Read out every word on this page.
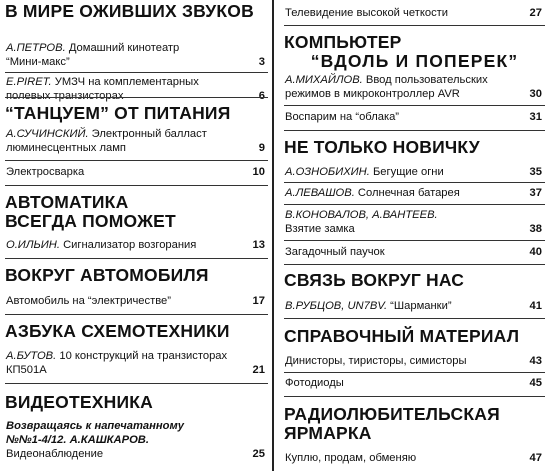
В МИРЕ ОЖИВШИХ ЗВУКОВ
А.ПЕТРОВ. Домашний кинотеатр
“Мини-макс”	3
E.PIRET. УМЗЧ на комплементарных
полевых транзисторах	6
“ТАНЦУЕМ” ОТ ПИТАНИЯ
А.СУЧИНСКИЙ. Электронный балласт
люминесцентных ламп	9
Электросварка	10
АВТОМАТИКА
ВСЕГДА ПОМОЖЕТ
О.ИЛЬИН. Сигнализатор возгорания	13
ВОКРУГ АВТОМОБИЛЯ
Автомобиль на “электричестве”	17
АЗБУКА СХЕМОТЕХНИКИ
А.БУТОВ. 10 конструкций на транзисторах
КП501А	21
ВИДЕОТЕХНИКА
Возвращаясь к напечатанному
№№1-4/12. А.КАШКАРОВ.
Видеонаблюдение	25
Телевидение высокой четкости	27
КОМПЬЮТЕР
“ВДОЛЬ И ПОПЕРЕК”
А.МИХАЙЛОВ. Ввод пользовательских
режимов в микроконтроллер AVR	30
Воспарим на “облака”	31
НЕ ТОЛЬКО НОВИЧКУ
А.ОЗНОБИХИН. Бегущие огни	35
А.ЛЕВАШОВ. Солнечная батарея	37
В.КОНОВАЛОВ, А.ВАНТЕЕВ.
Взятие замка	38
Загадочный паучок	40
СВЯЗЬ ВОКРУГ НАС
В.РУБЦОВ, UN7BV. “Шарманки”	41
СПРАВОЧНЫЙ МАТЕРИАЛ
Динисторы, тиристоры, симисторы	43
Фотодиоды	45
РАДИОЛЮБИТЕЛЬСКАЯ
ЯРМАРКА
Куплю, продам, обменяю	47
